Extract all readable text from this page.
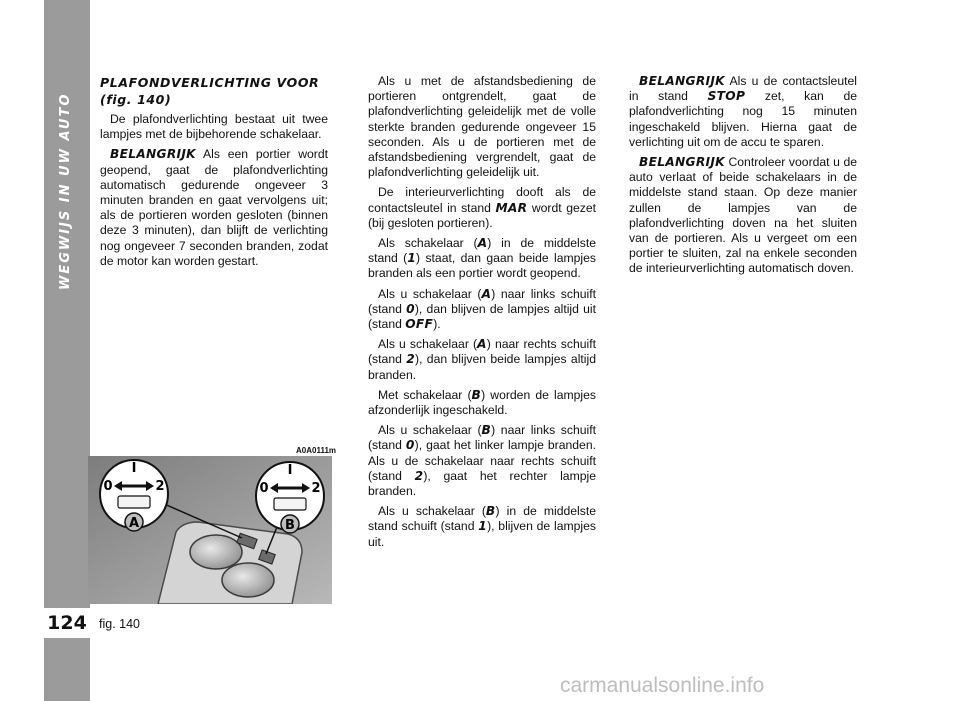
WEGWIJS IN UW AUTO
124
PLAFONDVERLICHTING VOOR
(fig. 140)

De plafondverlichting bestaat uit twee lampjes met de bijbehorende schakelaar.

BELANGRIJK Als een portier wordt geopend, gaat de plafondverlichting automatisch gedurende ongeveer 3 minuten branden en gaat vervolgens uit; als de portieren worden gesloten (binnen deze 3 minuten), dan blijft de verlichting nog ongeveer 7 seconden branden, zodat de motor kan worden gestart.

Als u met de afstandsbediening de portieren ontgrendelt, gaat de plafondverlichting geleidelijk met de volle sterkte branden gedurende ongeveer 15 seconden. Als u de portieren met de afstandsbediening vergrendelt, gaat de plafondverlichting geleidelijk uit.

De interieurverlichting dooft als de contactsleutel in stand MAR wordt gezet (bij gesloten portieren).

Als schakelaar (A) in de middelste stand (1) staat, dan gaan beide lampjes branden als een portier wordt geopend.

Als u schakelaar (A) naar links schuift (stand 0), dan blijven de lampjes altijd uit (stand OFF).

Als u schakelaar (A) naar rechts schuift (stand 2), dan blijven beide lampjes altijd branden.

Met schakelaar (B) worden de lampjes afzonderlijk ingeschakeld.

Als u schakelaar (B) naar links schuift (stand 0), gaat het linker lampje branden. Als u de schakelaar naar rechts schuift (stand 2), gaat het rechter lampje branden.

Als u schakelaar (B) in de middelste stand schuift (stand 1), blijven de lampjes uit.

BELANGRIJK Als u de contactsleutel in stand STOP zet, kan de plafondverlichting nog 15 minuten ingeschakeld blijven. Hierna gaat de verlichting uit om de accu te sparen.

BELANGRIJK Controleer voordat u de auto verlaat of beide schakelaars in de middelste stand staan. Op deze manier zullen de lampjes van de plafondverlichting doven na het sluiten van de portieren. Als u vergeet om een portier te sluiten, zal na enkele seconden de interieurverlichting automatisch doven.

A0A0111m
I
0	2
A
I
0	2
B
fig. 140
carmanualsonline.info
